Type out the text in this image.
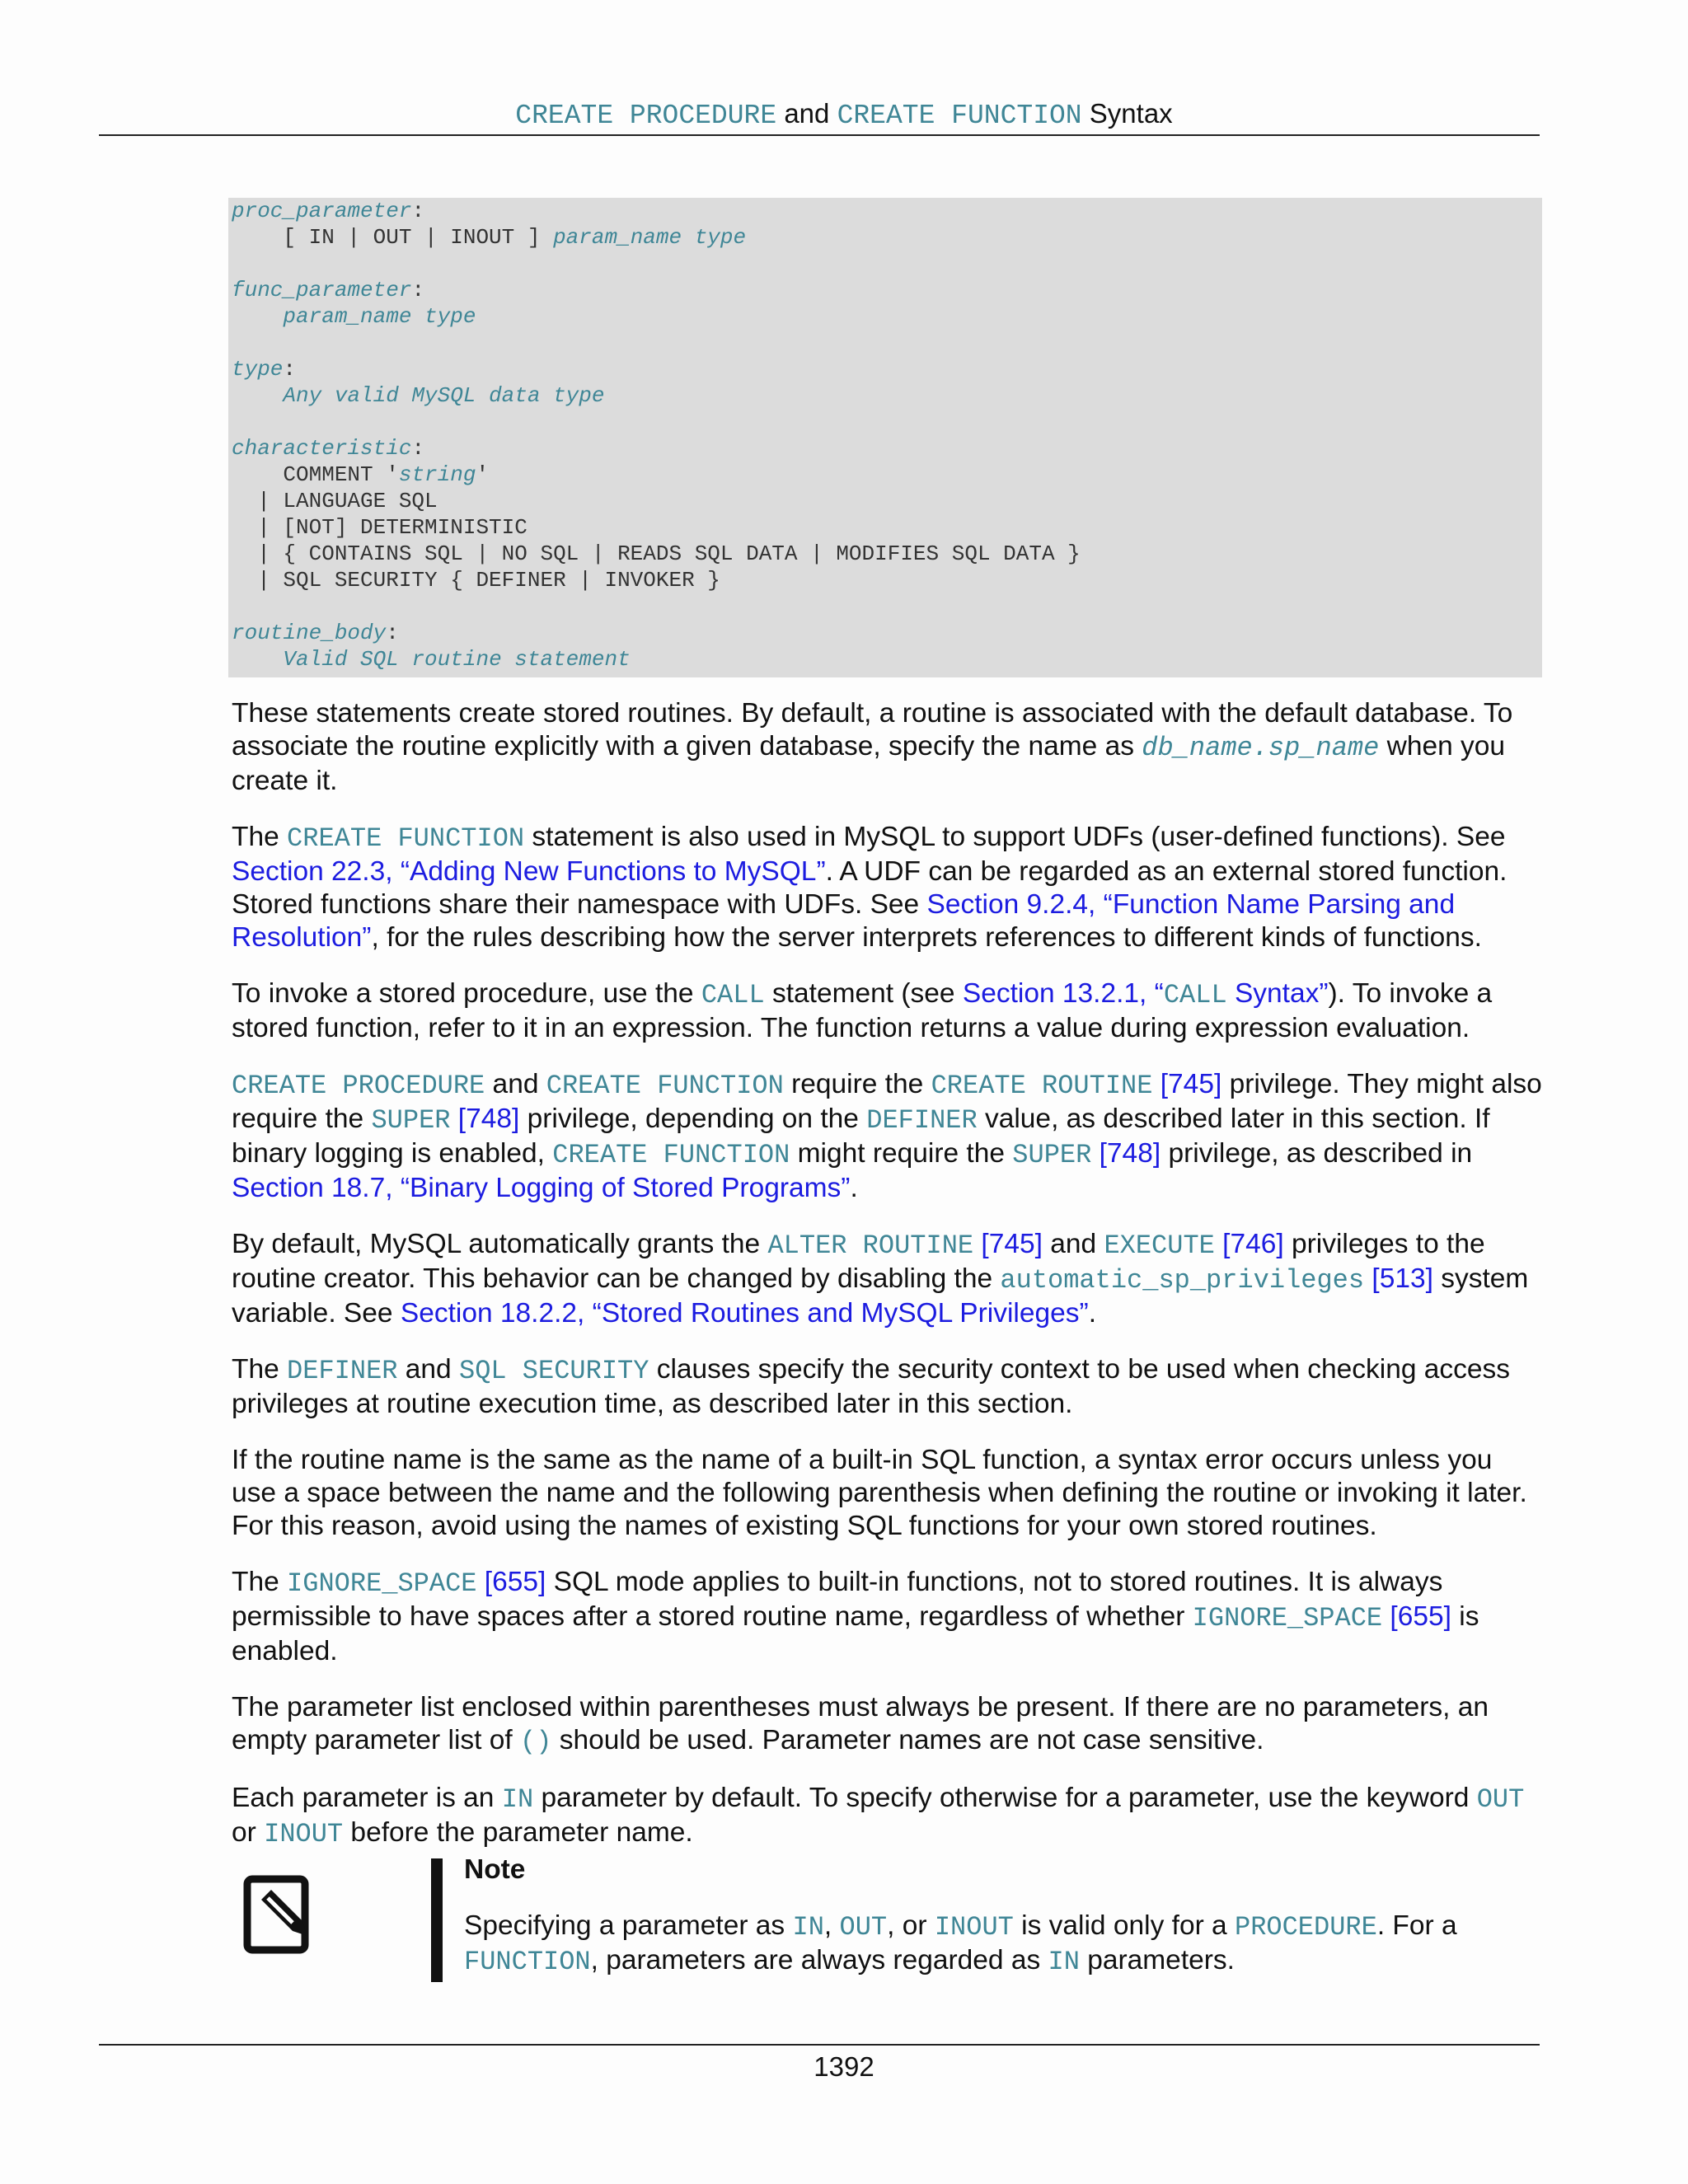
CREATE PROCEDURE and CREATE FUNCTION Syntax
proc_parameter:
[ IN | OUT | INOUT ] param_name type

func_parameter:
param_name type

type:
Any valid MySQL data type

characteristic:
COMMENT 'string'
| LANGUAGE SQL
| [NOT] DETERMINISTIC
| { CONTAINS SQL | NO SQL | READS SQL DATA | MODIFIES SQL DATA }
| SQL SECURITY { DEFINER | INVOKER }

routine_body:
Valid SQL routine statement

These statements create stored routines. By default, a routine is associated with the default database. To associate the routine explicitly with a given database, specify the name as db_name.sp_name when you create it.

The CREATE FUNCTION statement is also used in MySQL to support UDFs (user-defined functions). See Section 22.3, “Adding New Functions to MySQL”. A UDF can be regarded as an external stored function. Stored functions share their namespace with UDFs. See Section 9.2.4, “Function Name Parsing and Resolution”, for the rules describing how the server interprets references to different kinds of functions.

To invoke a stored procedure, use the CALL statement (see Section 13.2.1, “CALL Syntax”). To invoke a stored function, refer to it in an expression. The function returns a value during expression evaluation.

CREATE PROCEDURE and CREATE FUNCTION require the CREATE ROUTINE [745] privilege. They might also require the SUPER [748] privilege, depending on the DEFINER value, as described later in this section. If binary logging is enabled, CREATE FUNCTION might require the SUPER [748] privilege, as described in Section 18.7, “Binary Logging of Stored Programs”.

By default, MySQL automatically grants the ALTER ROUTINE [745] and EXECUTE [746] privileges to the routine creator. This behavior can be changed by disabling the automatic_sp_privileges [513] system variable. See Section 18.2.2, “Stored Routines and MySQL Privileges”.

The DEFINER and SQL SECURITY clauses specify the security context to be used when checking access privileges at routine execution time, as described later in this section.

If the routine name is the same as the name of a built-in SQL function, a syntax error occurs unless you use a space between the name and the following parenthesis when defining the routine or invoking it later. For this reason, avoid using the names of existing SQL functions for your own stored routines.

The IGNORE_SPACE [655] SQL mode applies to built-in functions, not to stored routines. It is always permissible to have spaces after a stored routine name, regardless of whether IGNORE_SPACE [655] is enabled.

The parameter list enclosed within parentheses must always be present. If there are no parameters, an empty parameter list of () should be used. Parameter names are not case sensitive.

Each parameter is an IN parameter by default. To specify otherwise for a parameter, use the keyword OUT or INOUT before the parameter name.

Note
Specifying a parameter as IN, OUT, or INOUT is valid only for a PROCEDURE. For a FUNCTION, parameters are always regarded as IN parameters.
1392
